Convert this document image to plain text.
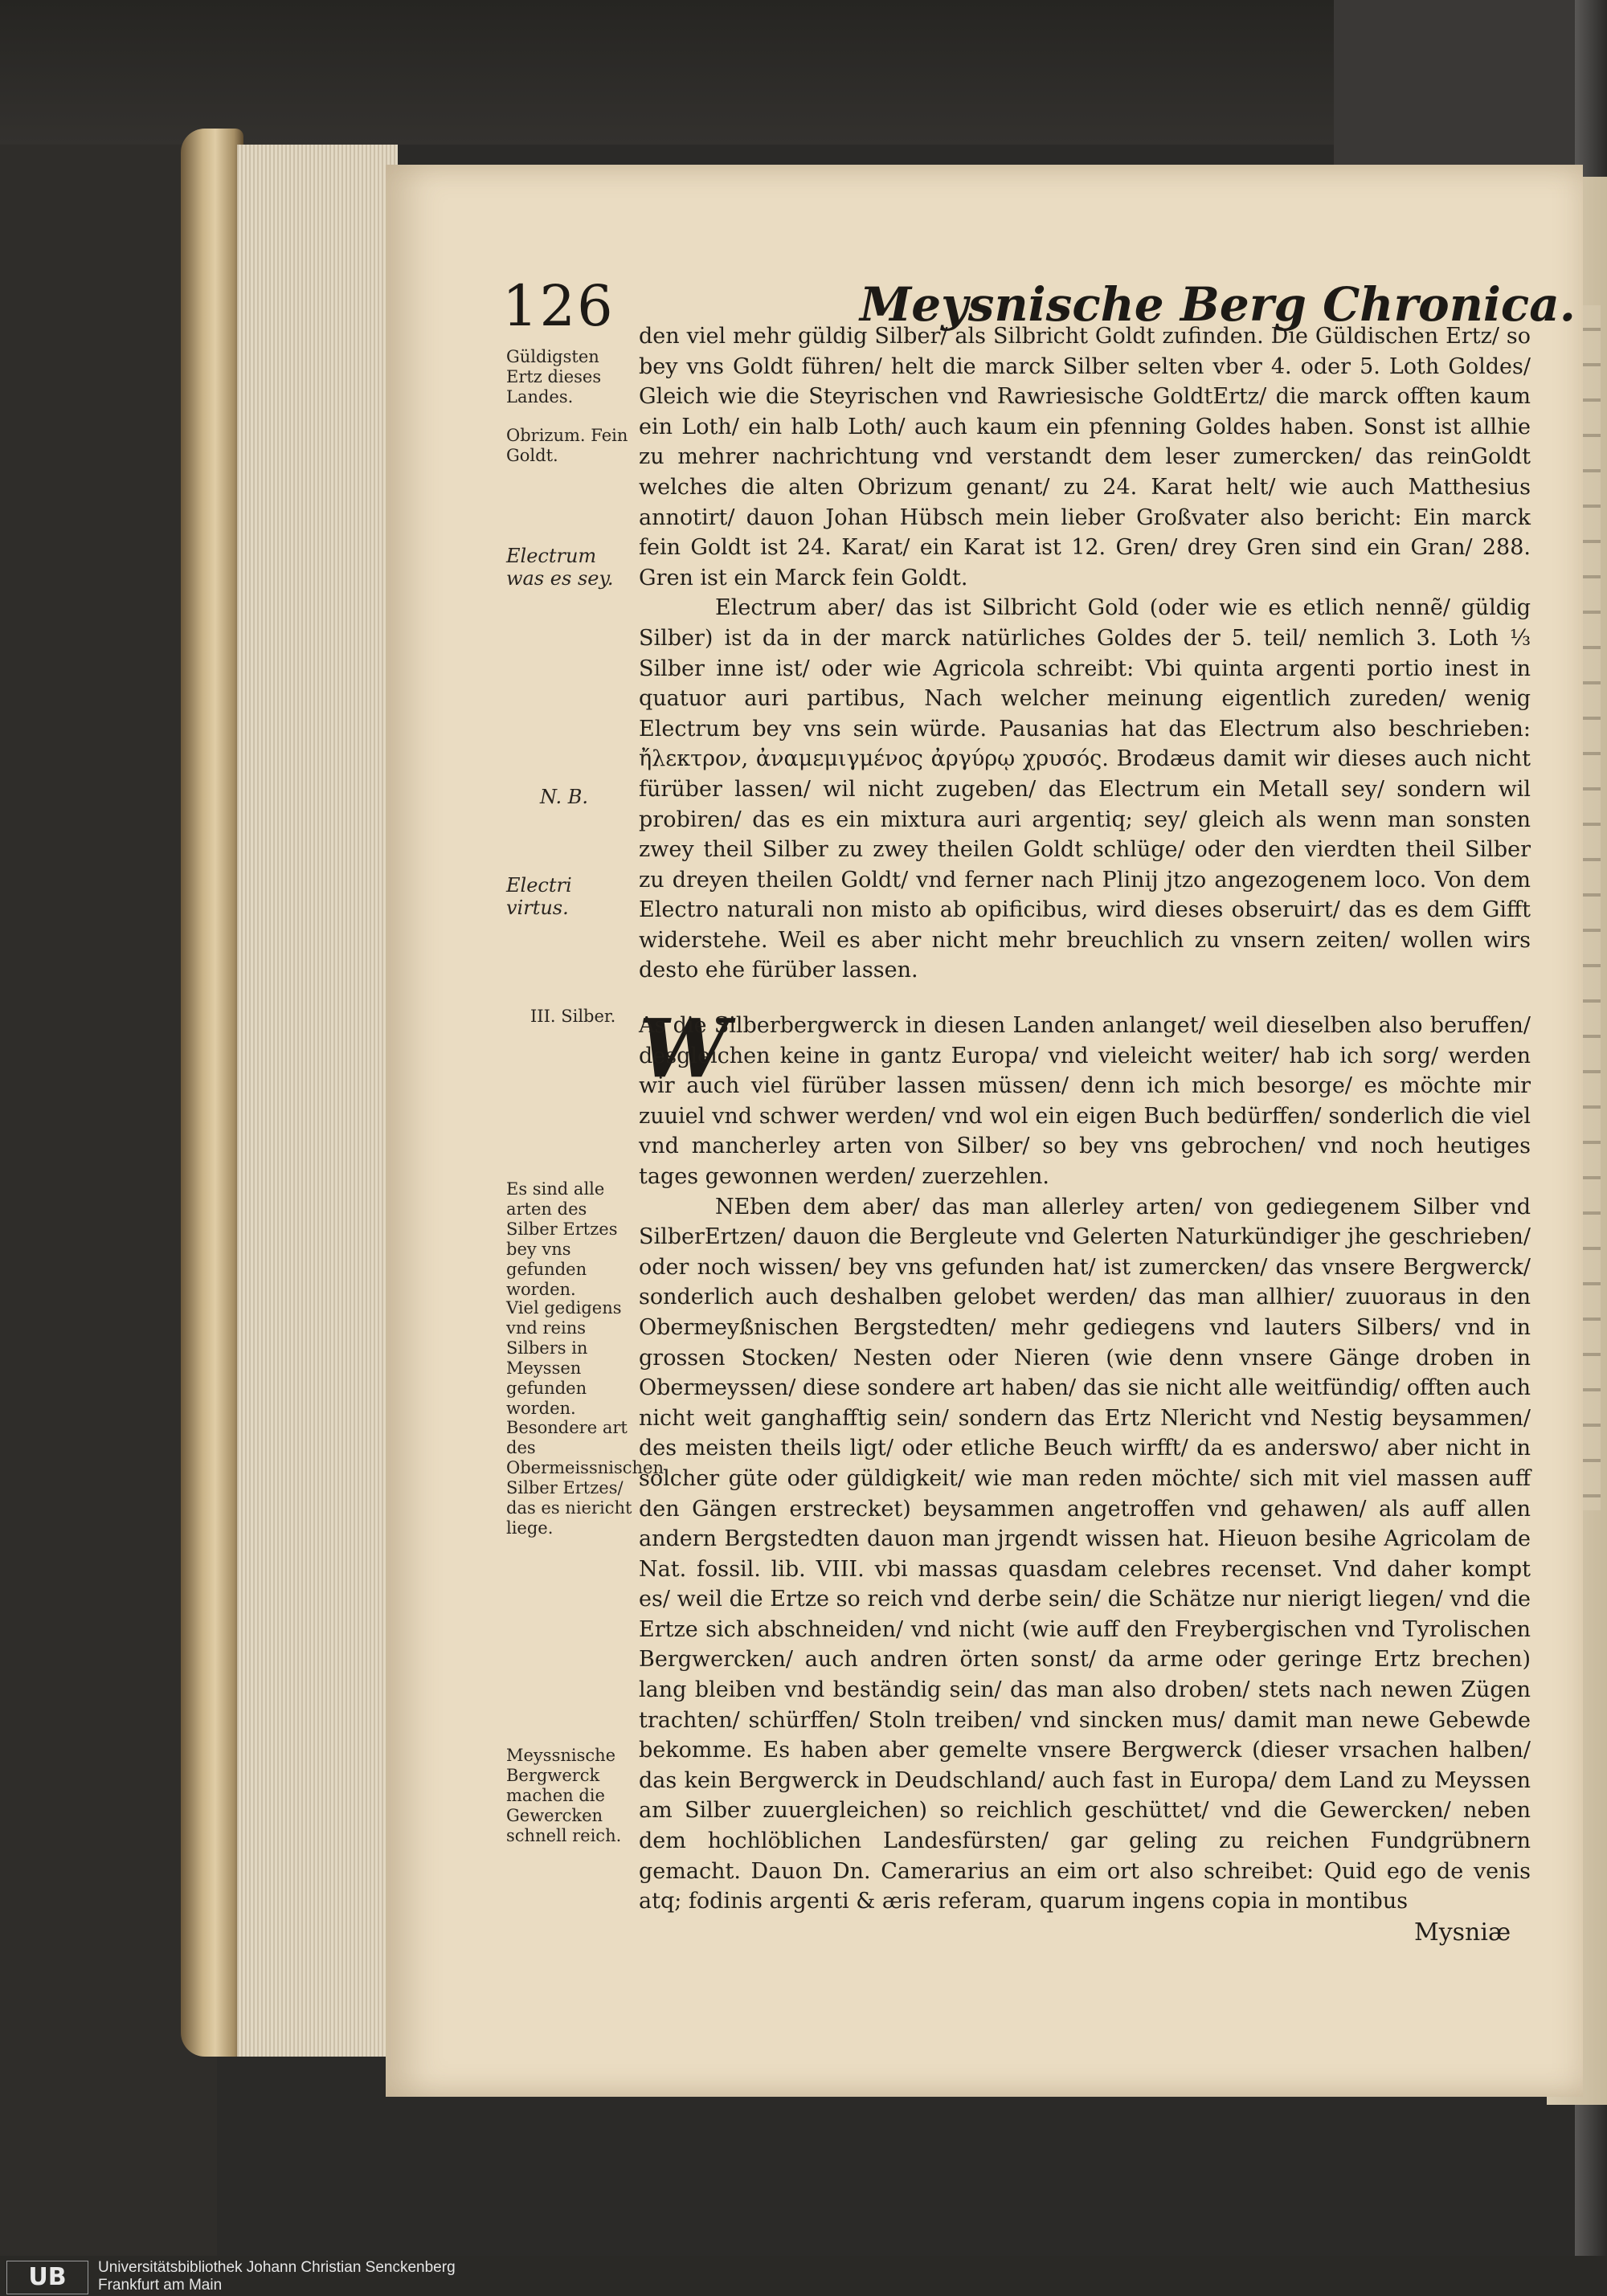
126	Meysnische Berg Chronica.
Güldigsten Ertz dieses Landes.
Obrizum. Fein Goldt.
Electrum was es sey.
N. B.
Electri virtus.
III. Silber.
Es sind alle arten des Silber Ertzes bey vns gefunden worden.
Viel gedigens vnd reins Silbers in Meyssen gefunden worden.
Besondere art des Obermeissnischen Silber Ertzes/ das es niericht liege.
Meyssnische Bergwerck machen die Gewercken schnell reich.

den viel mehr güldig Silber/ als Silbricht Goldt zufinden. Die Güldischen Ertz/ so bey vns Goldt führen/ helt die marck Silber selten vber 4. oder 5. Loth Goldes/ Gleich wie die Steyrischen vnd Rawriesische GoldtErtz/ die marck offten kaum ein Loth/ ein halb Loth/ auch kaum ein pfenning Goldes haben. Sonst ist allhie zu mehrer nachrichtung vnd verstandt dem leser zumercken/ das reinGoldt welches die alten Obrizum genant/ zu 24. Karat helt/ wie auch Matthesius annotirt/ dauon Johan Hübsch mein lieber Großvater also bericht: Ein marck fein Goldt ist 24. Karat/ ein Karat ist 12. Gren/ drey Gren sind ein Gran/ 288. Gren ist ein Marck fein Goldt.

Electrum aber/ das ist Silbricht Gold (oder wie es etlich nennẽ/ güldig Silber) ist da in der marck natürliches Goldes der 5. teil/ nemlich 3. Loth ⅓ Silber inne ist/ oder wie Agricola schreibt: Vbi quinta argenti portio inest in quatuor auri partibus, Nach welcher meinung eigentlich zureden/ wenig Electrum bey vns sein würde. Pausanias hat das Electrum also beschrieben: ἤλεκτρον, ἀναμεμιγμένος ἀργύρῳ χρυσός. Brodæus damit wir dieses auch nicht fürüber lassen/ wil nicht zugeben/ das Electrum ein Metall sey/ sondern wil probiren/ das es ein mixtura auri argentiq; sey/ gleich als wenn man sonsten zwey theil Silber zu zwey theilen Goldt schlüge/ oder den vierdten theil Silber zu dreyen theilen Goldt/ vnd ferner nach Plinij jtzo angezogenem loco. Von dem Electro naturali non misto ab opificibus, wird dieses obseruirt/ das es dem Gifft widerstehe. Weil es aber nicht mehr breuchlich zu vnsern zeiten/ wollen wirs desto ehe fürüber lassen.

W

As die Silberbergwerck in diesen Landen anlanget/ weil dieselben also beruffen/ desgleichen keine in gantz Europa/ vnd vieleicht weiter/ hab ich sorg/ werden wir auch viel fürüber lassen müssen/ denn ich mich besorge/ es möchte mir zuuiel vnd schwer werden/ vnd wol ein eigen Buch bedürffen/ sonderlich die viel vnd mancherley arten von Silber/ so bey vns gebrochen/ vnd noch heutiges tages gewonnen werden/ zuerzehlen.

NEben dem aber/ das man allerley arten/ von gediegenem Silber vnd SilberErtzen/ dauon die Bergleute vnd Gelerten Naturkündiger jhe geschrieben/ oder noch wissen/ bey vns gefunden hat/ ist zumercken/ das vnsere Bergwerck/ sonderlich auch deshalben gelobet werden/ das man allhier/ zuuoraus in den Obermeyßnischen Bergstedten/ mehr gediegens vnd lauters Silbers/ vnd in grossen Stocken/ Nesten oder Nieren (wie denn vnsere Gänge droben in Obermeyssen/ diese sondere art haben/ das sie nicht alle weitfündig/ offten auch nicht weit ganghafftig sein/ sondern das Ertz Nlericht vnd Nestig beysammen/ des meisten theils ligt/ oder etliche Beuch wirfft/ da es anderswo/ aber nicht in solcher güte oder güldigkeit/ wie man reden möchte/ sich mit viel massen auff den Gängen erstrecket) beysammen angetroffen vnd gehawen/ als auff allen andern Bergstedten dauon man jrgendt wissen hat. Hieuon besihe Agricolam de Nat. fossil. lib. VIII. vbi massas quasdam celebres recenset. Vnd daher kompt es/ weil die Ertze so reich vnd derbe sein/ die Schätze nur nierigt liegen/ vnd die Ertze sich abschneiden/ vnd nicht (wie auff den Freybergischen vnd Tyrolischen Bergwercken/ auch andren örten sonst/ da arme oder geringe Ertz brechen) lang bleiben vnd beständig sein/ das man also droben/ stets nach newen Zügen trachten/ schürffen/ Stoln treiben/ vnd sincken mus/ damit man newe Gebewde bekomme. Es haben aber gemelte vnsere Bergwerck (dieser vrsachen halben/ das kein Bergwerck in Deudschland/ auch fast in Europa/ dem Land zu Meyssen am Silber zuuergleichen) so reichlich geschüttet/ vnd die Gewercken/ neben dem hochlöblichen Landesfürsten/ gar geling zu reichen Fundgrübnern gemacht. Dauon Dn. Camerarius an eim ort also schreibet: Quid ego de venis atq; fodinis argenti & æris referam, quarum ingens copia in montibus

Mysniæ
UB	Universitätsbibliothek Johann Christian Senckenberg
Frankfurt am Main
